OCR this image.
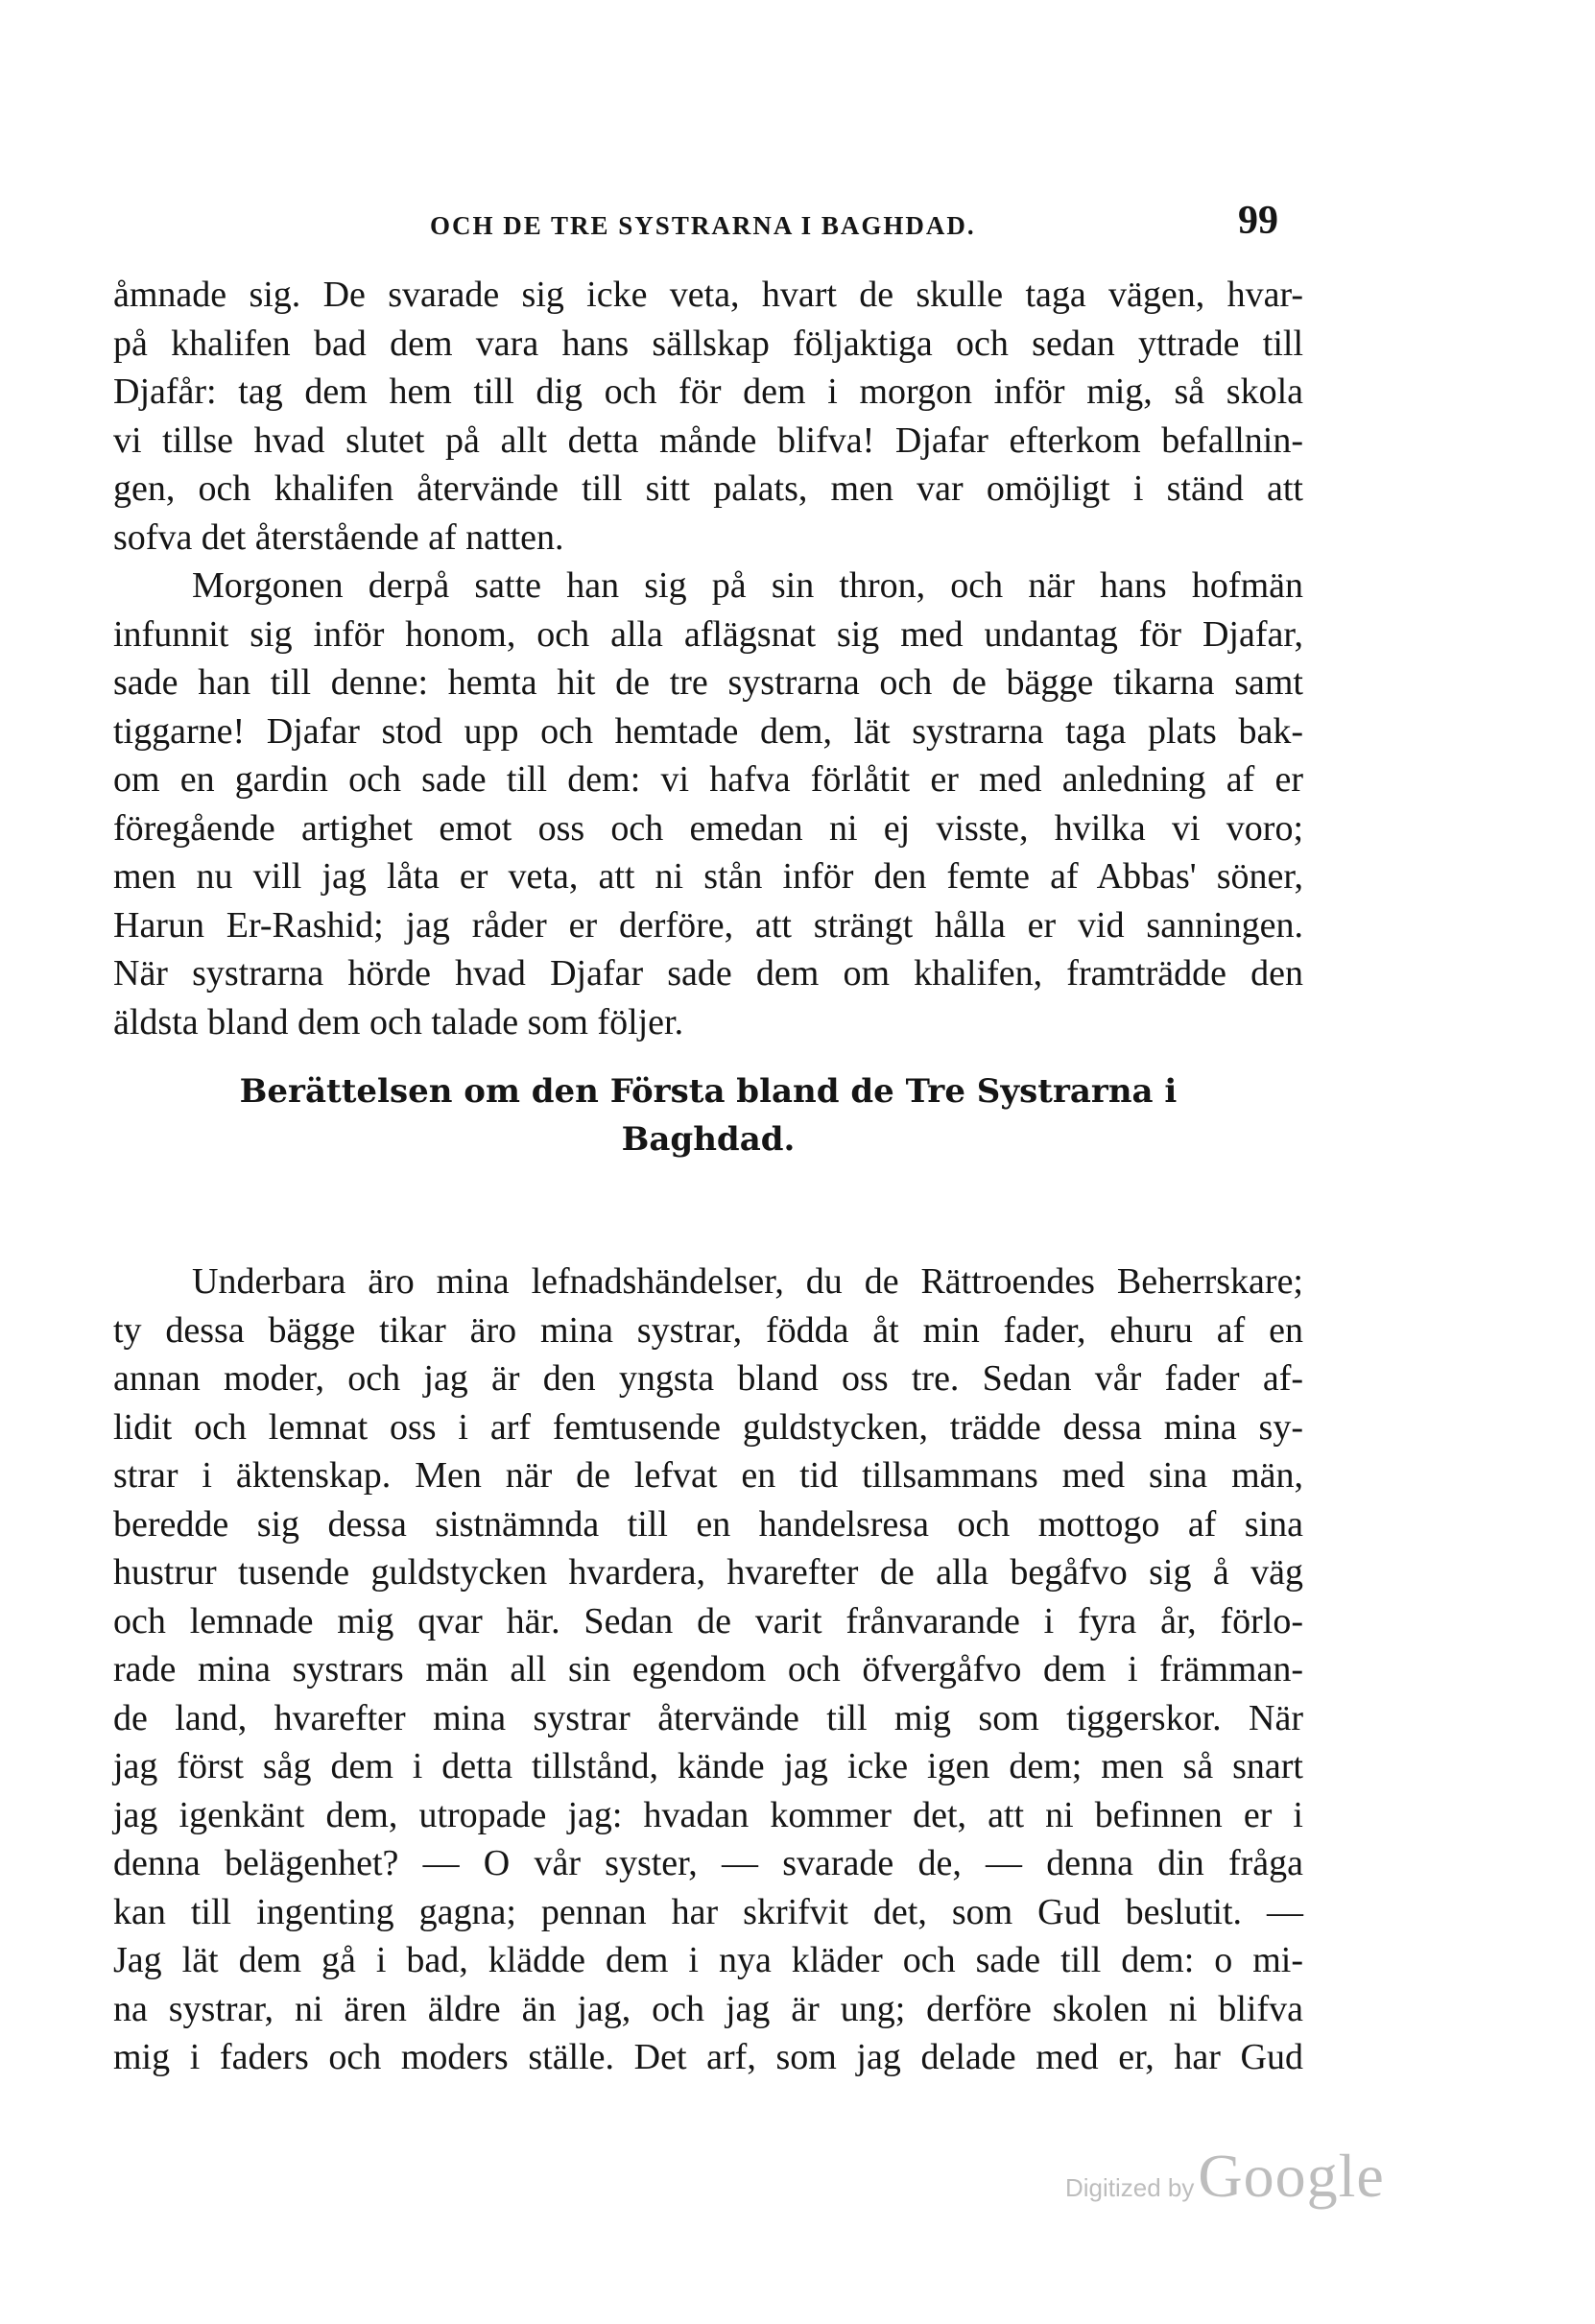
OCH DE TRE SYSTRARNA I BAGHDAD.	99
åmnade sig. De svarade sig icke veta, hvart de skulle taga vägen, hvar-
på khalifen bad dem vara hans sällskap följaktiga och sedan yttrade till
Djafår: tag dem hem till dig och för dem i morgon inför mig, så skola
vi tillse hvad slutet på allt detta månde blifva! Djafar efterkom befallnin-
gen, och khalifen återvände till sitt palats, men var omöjligt i ständ att
sofva det återstående af natten.
Morgonen derpå satte han sig på sin thron, och när hans hofmän
infunnit sig inför honom, och alla aflägsnat sig med undantag för Djafar,
sade han till denne: hemta hit de tre systrarna och de bägge tikarna samt
tiggarne! Djafar stod upp och hemtade dem, lät systrarna taga plats bak-
om en gardin och sade till dem: vi hafva förlåtit er med anledning af er
föregående artighet emot oss och emedan ni ej visste, hvilka vi voro;
men nu vill jag låta er veta, att ni stån inför den femte af Abbas' söner,
Harun Er-Rashid; jag råder er derföre, att strängt hålla er vid sanningen.
När systrarna hörde hvad Djafar sade dem om khalifen, framträdde den
äldsta bland dem och talade som följer.
Berättelsen om den Första bland de Tre Systrarna i
Baghdad.
Underbara äro mina lefnadshändelser, du de Rättroendes Beherrskare;
ty dessa bägge tikar äro mina systrar, födda åt min fader, ehuru af en
annan moder, och jag är den yngsta bland oss tre. Sedan vår fader af-
lidit och lemnat oss i arf femtusende guldstycken, trädde dessa mina sy-
strar i äktenskap. Men när de lefvat en tid tillsammans med sina män,
beredde sig dessa sistnämnda till en handelsresa och mottogo af sina
hustrur tusende guldstycken hvardera, hvarefter de alla begåfvo sig å väg
och lemnade mig qvar här. Sedan de varit frånvarande i fyra år, förlo-
rade mina systrars män all sin egendom och öfvergåfvo dem i främman-
de land, hvarefter mina systrar återvände till mig som tiggerskor. När
jag först såg dem i detta tillstånd, kände jag icke igen dem; men så snart
jag igenkänt dem, utropade jag: hvadan kommer det, att ni befinnen er i
denna belägenhet? — O vår syster, — svarade de, — denna din fråga
kan till ingenting gagna; pennan har skrifvit det, som Gud beslutit. —
Jag lät dem gå i bad, klädde dem i nya kläder och sade till dem: o mi-
na systrar, ni ären äldre än jag, och jag är ung; derföre skolen ni blifva
mig i faders och moders ställe. Det arf, som jag delade med er, har Gud
Digitized by Google
